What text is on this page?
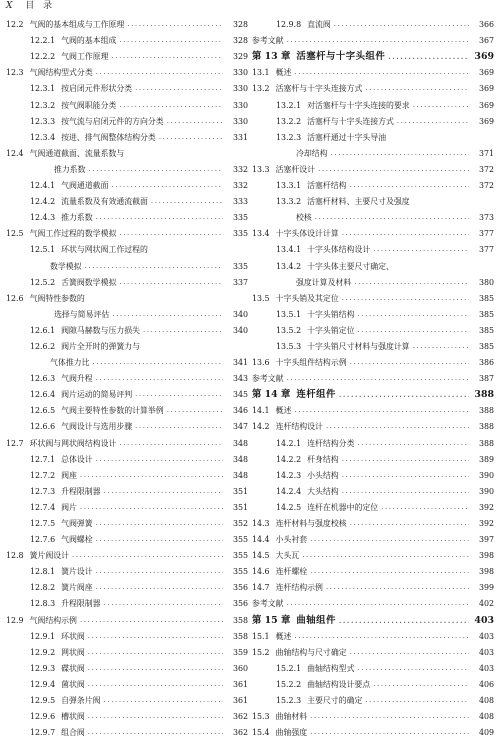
X 目 录
12.2 气阀的基本组成与工作原理 .....	328
12.2.1 气阀的基本组成 .....	328
12.2.2 气阀工作原理 .....	329
12.3 气阀结构型式分类 .....	330
12.3.1 按启闭元件形状分类 .....	330
12.3.2 按气阀职能分类 .....	330
12.3.3 按气流与启闭元件的方向分类 .....	330
12.3.4 按进、排气阀整体结构分类 .....	331
12.4 气阀通道截面、流量系数与
推力系数 .....	332
12.4.1 气阀通道截面 .....	332
12.4.2 流量系数及有效通流截面 .....	333
12.4.3 推力系数 .....	335
12.5 气阀工作过程的数学模拟 .....	335
12.5.1 环状与网状阀工作过程的
数学模拟 .....	335
12.5.2 舌簧阀数学模拟 .....	337
12.6 气阀特性参数的
选择与简易评估 .....	340
12.6.1 阀隙马赫数与压力损失 .....	340
12.6.2 阀片全开时的弹簧力与
气体推力比 .....	341
12.6.3 气阀升程 .....	343
12.6.4 阀片运动的简易评判 .....	345
12.6.5 气阀主要特性参数的计算举例 .....	346
12.6.6 气阀设计与选用步骤 .....	347
12.7 环状阀与网状阀结构设计 .....	348
12.7.1 总体设计 .....	348
12.7.2 阀座 .....	348
12.7.3 升程限制器 .....	351
12.7.4 阀片 .....	351
12.7.5 气阀弹簧 .....	352
12.7.6 气阀螺栓 .....	355
12.8 簧片阀设计 .....	355
12.8.1 簧片设计 .....	355
12.8.2 簧片阀座 .....	356
12.8.3 升程限制器 .....	356
12.9 气阀结构示例 .....	358
12.9.1 环状阀 .....	358
12.9.2 网状阀 .....	359
12.9.3 碟状阀 .....	360
12.9.4 菌状阀 .....	361
12.9.5 自弹条片阀 .....	361
12.9.6 槽状阀 .....	362
12.9.7 组合阀 .....	362
12.9.8 直流阀 .....	366
参考文献 .....	367
第 13 章 活塞杆与十字头组件 .....	369
13.1 概述 .....	369
13.2 活塞杆与十字头连接方式 .....	369
13.2.1 对活塞杆与十字头连接的要求 .....	369
13.2.2 活塞杆与十字头连接方式 .....	369
13.2.3 活塞杆通过十字头导油
冷却结构 .....	371
13.3 活塞杆设计 .....	372
13.3.1 活塞杆结构 .....	372
13.3.2 活塞杆材料、主要尺寸及强度
校核 .....	373
13.4 十字头体设计计算 .....	377
13.4.1 十字头体结构设计 .....	377
13.4.2 十字头体主要尺寸确定、
强度计算及材料 .....	380
13.5 十字头销及其定位 .....	385
13.5.1 十字头销结构 .....	385
13.5.2 十字头销定位 .....	385
13.5.3 十字头销尺寸材料与强度计算 .....	385
13.6 十字头组件结构示例 .....	386
参考文献 .....	387
第 14 章 连杆组件 .....	388
14.1 概述 .....	388
14.2 连杆结构设计 .....	388
14.2.1 连杆结构分类 .....	388
14.2.2 杆身结构 .....	389
14.2.3 小头结构 .....	390
14.2.4 大头结构 .....	390
14.2.5 连杆在机器中的定位 .....	392
14.3 连杆材料与强度校核 .....	392
14.4 小头衬套 .....	397
14.5 大头瓦 .....	398
14.6 连杆螺栓 .....	398
14.7 连杆结构示例 .....	399
参考文献 .....	402
第 15 章 曲轴组件 .....	403
15.1 概述 .....	403
15.2 曲轴结构与尺寸确定 .....	403
15.2.1 曲轴结构型式 .....	403
15.2.2 曲轴结构设计要点 .....	406
15.2.3 主要尺寸的确定 .....	408
15.3 曲轴材料 .....	408
15.4 曲轴强度 .....	409
